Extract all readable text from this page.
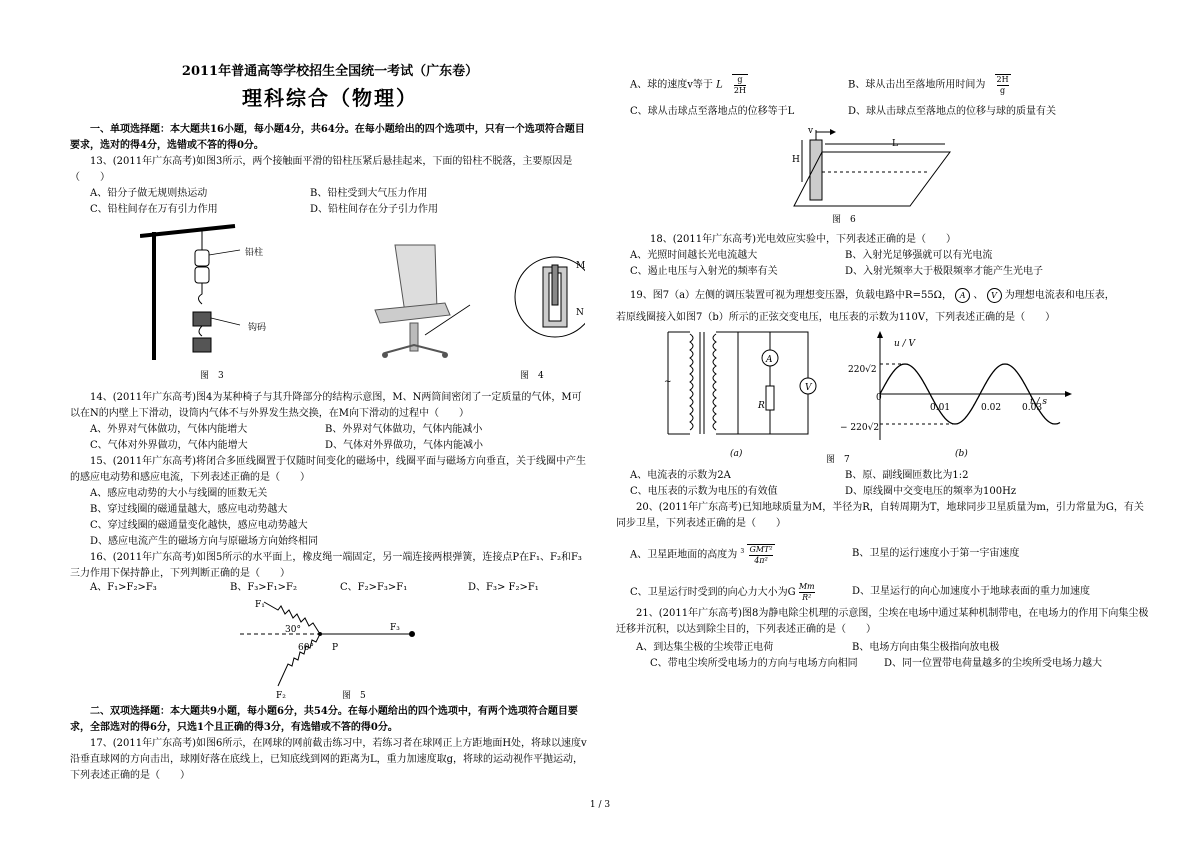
2011年普通高等学校招生全国统一考试（广东卷）
理科综合（物理）
一、单项选择题：本大题共16小题，每小题4分，共64分。在每小题给出的四个选项中，只有一个选项符合题目要求，选对的得4分，选错或不答的得0分。
13、(2011年广东高考)如图3所示，两个接触面平滑的铅柱压紧后悬挂起来，下面的铅柱不脱落，主要原因是（　　）
A、铅分子做无规则热运动	B、铅柱受到大气压力作用
C、铅柱间存在万有引力作用	D、铅柱间存在分子引力作用
铅柱
钩码
图　3
M
N
图　4
14、(2011年广东高考)图4为某种椅子与其升降部分的结构示意图，M、N两筒间密闭了一定质量的气体，M可以在N的内壁上下滑动，设筒内气体不与外界发生热交换，在M向下滑动的过程中（　　）
A、外界对气体做功，气体内能增大	B、外界对气体做功，气体内能减小
C、气体对外界做功，气体内能增大	D、气体对外界做功，气体内能减小
15、(2011年广东高考)将闭合多匝线圈置于仅随时间变化的磁场中，线圈平面与磁场方向垂直，关于线圈中产生的感应电动势和感应电流，下列表述正确的是（　　）
A、感应电动势的大小与线圈的匝数无关
B、穿过线圈的磁通量越大，感应电动势越大
C、穿过线圈的磁通量变化越快，感应电动势越大
D、感应电流产生的磁场方向与原磁场方向始终相同
16、(2011年广东高考)如图5所示的水平面上，橡皮绳一端固定，另一端连接两根弹簧，连接点P在F₁、F₂和F₃三力作用下保持静止，下列判断正确的是（　　）
A、F₁>F₂>F₃	B、F₃>F₁>F₂	C、F₂>F₃>F₁	D、F₃> F₂>F₁
F₁
F₃
F₂
30°
60° P
图　5
二、双项选择题：本大题共9小题，每小题6分，共54分。在每小题给出的四个选项中，有两个选项符合题目要求，全部选对的得6分，只选1个且正确的得3分，有选错或不答的得0分。
17、(2011年广东高考)如图6所示，在网球的网前截击练习中，若练习者在球网正上方距地面H处，将球以速度v沿垂直球网的方向击出，球刚好落在底线上，已知底线到网的距离为L，重力加速度取g，将球的运动视作平抛运动，下列表述正确的是（　　）
A、球的速度v等于 L $\frac{g}{2H}$	B、球从击出至落地所用时间为 $\frac{2H}{g}$
C、球从击球点至落地点的位移等于L	D、球从击球点至落地点的位移与球的质量有关
v
H
L
图　6
18、(2011年广东高考)光电效应实验中，下列表述正确的是（　　）
A、光照时间越长光电流越大	B、入射光足够强就可以有光电流
C、遏止电压与入射光的频率有关	D、入射光频率大于极限频率才能产生光电子
19、图7（a）左侧的调压装置可视为理想变压器，负载电路中R=55Ω， A 、 V 为理想电流表和电压表，
若原线圈接入如图7（b）所示的正弦交变电压，电压表的示数为110V，下列表述正确的是（　　）
A
V
R
~
(a)
u / V
t / s
220√2
− 220√2
0
0.01	0.02 0.03
(b)
图　7
A、电流表的示数为2A	B、原、副线圈匝数比为1:2
C、电压表的示数为电压的有效值	D、原线圈中交变电压的频率为100Hz
20、(2011年广东高考)已知地球质量为M，半径为R，自转周期为T，地球同步卫星质量为m，引力常量为G，有关同步卫星，下列表述正确的是（　　）
A、卫星距地面的高度为 $^3$ GMT²
4π²
B、卫星的运行速度小于第一宇宙速度
C、卫星运行时受到的向心力大小为G $\frac{Mm}{\text{R²}}$	D、卫星运行的向心加速度小于地球表面的重力加速度
21、(2011年广东高考)图8为静电除尘机理的示意图，尘埃在电场中通过某种机制带电，在电场力的作用下向集尘极迁移并沉积，以达到除尘目的，下列表述正确的是（　　）
A、到达集尘极的尘埃带正电荷	B、电场方向由集尘极指向放电极
C、带电尘埃所受电场力的方向与电场方向相同	D、同一位置带电荷量越多的尘埃所受电场力越大
1 / 3
